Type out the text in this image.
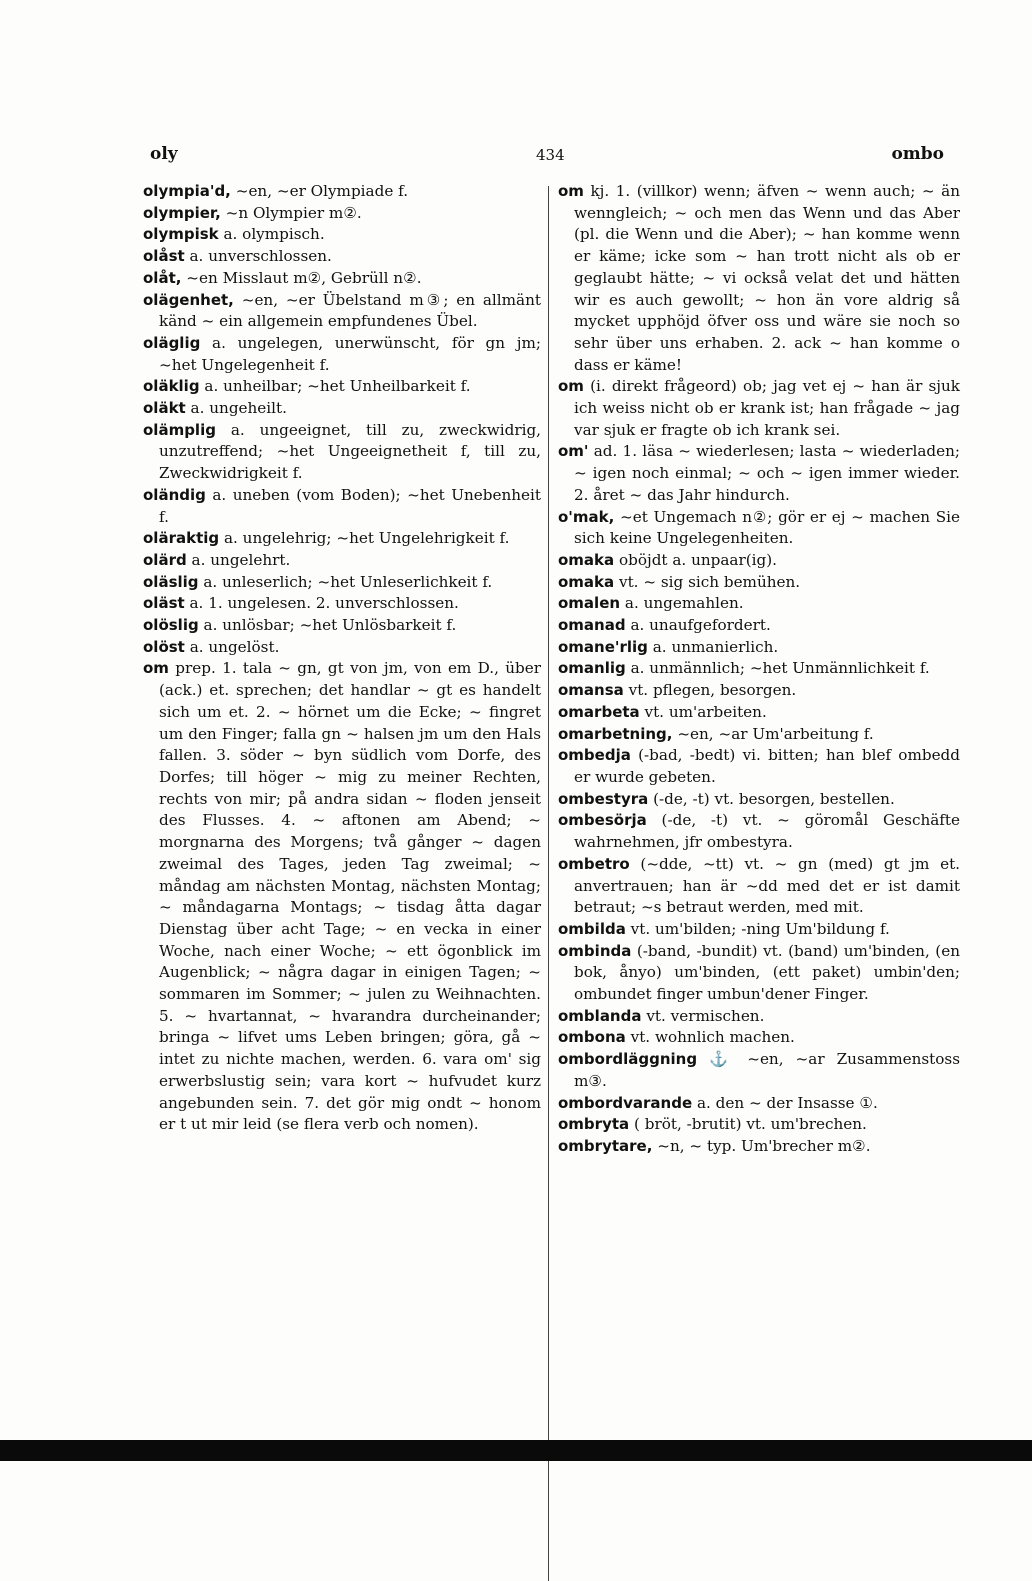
oly	434	ombo

olympia'd, ~en, ~er Olympiade f.

olympier, ~n Olympier m②.

olympisk a. olympisch.

olåst a. unverschlossen.

olåt, ~en Misslaut m②, Gebrüll n②.

olägenhet, ~en, ~er Übelstand m③; en allmänt känd ~ ein allgemein empfundenes Übel.

oläglig a. ungelegen, unerwünscht, för gn jm; ~het Ungelegenheit f.

oläklig a. unheilbar; ~het Unheilbarkeit f.

oläkt a. ungeheilt.

olämplig a. ungeeignet, till zu, zweckwidrig, unzutreffend; ~het Ungeeignetheit f, till zu, Zweckwidrigkeit f.

oländig a. uneben (vom Boden); ~het Unebenheit f.

oläraktig a. ungelehrig; ~het Ungelehrigkeit f.

olärd a. ungelehrt.

oläslig a. unleserlich; ~het Unleserlichkeit f.

oläst a. 1. ungelesen. 2. unverschlossen.

olöslig a. unlösbar; ~het Unlösbarkeit f.

olöst a. ungelöst.

om prep. 1. tala ~ gn, gt von jm, von em D., über (ack.) et. sprechen; det handlar ~ gt es handelt sich um et. 2. ~ hörnet um die Ecke; ~ fingret um den Finger; falla gn ~ halsen jm um den Hals fallen. 3. söder ~ byn südlich vom Dorfe, des Dorfes; till höger ~ mig zu meiner Rechten, rechts von mir; på andra sidan ~ floden jenseit des Flusses. 4. ~ aftonen am Abend; ~ morgnarna des Morgens; två gånger ~ dagen zweimal des Tages, jeden Tag zweimal; ~ måndag am nächsten Montag, nächsten Montag; ~ måndagarna Montags; ~ tisdag åtta dagar Dienstag über acht Tage; ~ en vecka in einer Woche, nach einer Woche; ~ ett ögonblick im Augenblick; ~ några dagar in einigen Tagen; ~ sommaren im Sommer; ~ julen zu Weihnachten. 5. ~ hvartannat, ~ hvarandra durcheinander; bringa ~ lifvet ums Leben bringen; göra, gå ~ intet zu nichte machen, werden. 6. vara om' sig erwerbslustig sein; vara kort ~ hufvudet kurz angebunden sein. 7. det gör mig ondt ~ honom er t ut mir leid (se flera verb och nomen).

om kj. 1. (villkor) wenn; äfven ~ wenn auch; ~ än wenngleich; ~ och men das Wenn und das Aber (pl. die Wenn und die Aber); ~ han komme wenn er käme; icke som ~ han trott nicht als ob er geglaubt hätte; ~ vi också velat det und hätten wir es auch gewollt; ~ hon än vore aldrig så mycket upphöjd öfver oss und wäre sie noch so sehr über uns erhaben. 2. ack ~ han komme o dass er käme!

om (i. direkt frågeord) ob; jag vet ej ~ han är sjuk ich weiss nicht ob er krank ist; han frågade ~ jag var sjuk er fragte ob ich krank sei.

om' ad. 1. läsa ~ wiederlesen; lasta ~ wiederladen; ~ igen noch einmal; ~ och ~ igen immer wieder. 2. året ~ das Jahr hindurch.

o'mak, ~et Ungemach n②; gör er ej ~ machen Sie sich keine Ungelegenheiten.

omaka oböjdt a. unpaar(ig).

omaka vt. ~ sig sich bemühen.

omalen a. ungemahlen.

omanad a. unaufgefordert.

omane'rlig a. unmanierlich.

omanlig a. unmännlich; ~het Unmännlichkeit f.

omansa vt. pflegen, besorgen.

omarbeta vt. um'arbeiten.

omarbetning, ~en, ~ar Um'arbeitung f.

ombedja (-bad, -bedt) vi. bitten; han blef ombedd er wurde gebeten.

ombestyra (-de, -t) vt. besorgen, bestellen.

ombesörja (-de, -t) vt. ~ göromål Geschäfte wahrnehmen, jfr ombestyra.

ombetro (~dde, ~tt) vt. ~ gn (med) gt jm et. anvertrauen; han är ~dd med det er ist damit betraut; ~s betraut werden, med mit.

ombilda vt. um'bilden; -ning Um'bildung f.

ombinda (-band, -bundit) vt. (band) um'binden, (en bok, ånyo) um'binden, (ett paket) umbin'den; ombundet finger umbun'dener Finger.

omblanda vt. vermischen.

ombona vt. wohnlich machen.

ombordläggning ⚓ ~en, ~ar Zusammenstoss m③.

ombordvarande a. den ~ der Insasse ①.

ombryta ( bröt, -brutit) vt. um'brechen.

ombrytare, ~n, ~ typ. Um'brecher m②.
